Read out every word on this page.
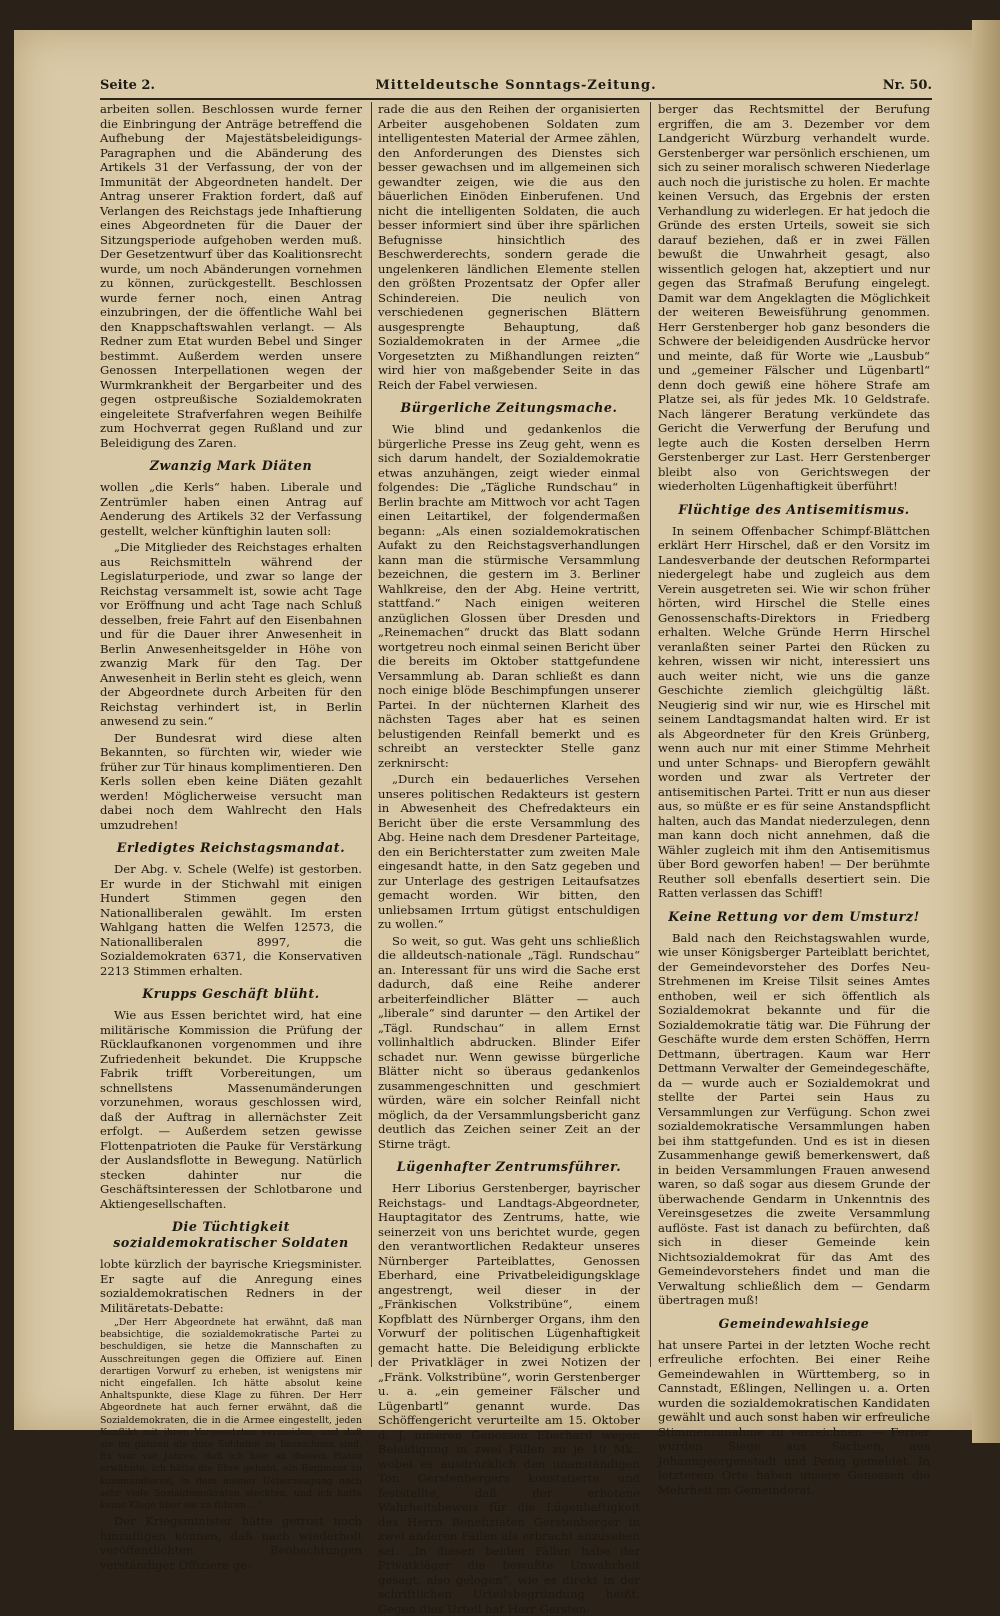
Seite 2.	Mitteldeutsche Sonntags-Zeitung.	Nr. 50.

arbeiten sollen. Beschlossen wurde ferner die Einbringung der Anträge betreffend die Aufhebung der Majestätsbeleidigungs-Paragraphen und die Abänderung des Artikels 31 der Verfassung, der von der Immunität der Abgeordneten handelt. Der Antrag unserer Fraktion fordert, daß auf Verlangen des Reichstags jede Inhaftierung eines Abgeordneten für die Dauer der Sitzungsperiode aufgehoben werden muß. Der Gesetzentwurf über das Koalitionsrecht wurde, um noch Abänderungen vornehmen zu können, zurückgestellt. Beschlossen wurde ferner noch, einen Antrag einzubringen, der die öffentliche Wahl bei den Knappschaftswahlen verlangt. — Als Redner zum Etat wurden Bebel und Singer bestimmt. Außerdem werden unsere Genossen Interpellationen wegen der Wurmkrankheit der Bergarbeiter und des gegen ostpreußische Sozialdemokraten eingeleitete Strafverfahren wegen Beihilfe zum Hochverrat gegen Rußland und zur Beleidigung des Zaren.

Zwanzig Mark Diäten

wollen „die Kerls“ haben. Liberale und Zentrümler haben einen Antrag auf Aenderung des Artikels 32 der Verfassung gestellt, welcher künftighin lauten soll:

„Die Mitglieder des Reichstages erhalten aus Reichsmitteln während der Legislaturperiode, und zwar so lange der Reichstag versammelt ist, sowie acht Tage vor Eröffnung und acht Tage nach Schluß desselben, freie Fahrt auf den Eisenbahnen und für die Dauer ihrer Anwesenheit in Berlin Anwesenheitsgelder in Höhe von zwanzig Mark für den Tag. Der Anwesenheit in Berlin steht es gleich, wenn der Abgeordnete durch Arbeiten für den Reichstag verhindert ist, in Berlin anwesend zu sein.“

Der Bundesrat wird diese alten Bekannten, so fürchten wir, wieder wie früher zur Tür hinaus komplimentieren. Den Kerls sollen eben keine Diäten gezahlt werden! Möglicherweise versucht man dabei noch dem Wahlrecht den Hals umzudrehen!

Erledigtes Reichstagsmandat.

Der Abg. v. Schele (Welfe) ist gestorben. Er wurde in der Stichwahl mit einigen Hundert Stimmen gegen den Nationalliberalen gewählt. Im ersten Wahlgang hatten die Welfen 12573, die Nationalliberalen 8997, die Sozialdemokraten 6371, die Konservativen 2213 Stimmen erhalten.

Krupps Geschäft blüht.

Wie aus Essen berichtet wird, hat eine militärische Kommission die Prüfung der Rücklaufkanonen vorgenommen und ihre Zufriedenheit bekundet. Die Kruppsche Fabrik trifft Vorbereitungen, um schnellstens Massenumänderungen vorzunehmen, woraus geschlossen wird, daß der Auftrag in allernächster Zeit erfolgt. — Außerdem setzen gewisse Flottenpatrioten die Pauke für Verstärkung der Auslandsflotte in Bewegung. Natürlich stecken dahinter nur die Geschäftsinteressen der Schlotbarone und Aktiengesellschaften.

Die Tüchtigkeit sozialdemokratischer Soldaten

lobte kürzlich der bayrische Kriegsminister. Er sagte auf die Anregung eines sozialdemokratischen Redners in der Militäretats-Debatte:

„Der Herr Abgeordnete hat erwähnt, daß man beabsichtige, die sozialdemokratische Partei zu beschuldigen, sie hetze die Mannschaften zu Ausschreitungen gegen die Offiziere auf. Einen derartigen Vorwurf zu erheben, ist wenigstens mir nicht eingefallen. Ich hätte absolut keine Anhaltspunkte, diese Klage zu führen. Der Herr Abgeordnete hat auch ferner erwähnt, daß die Sozialdemokraten, die in die Armee eingestellt, jeden Konflikt mit ihren Vorgesetzten vermeiden, und daß sie im ganzen als gute Soldaten zu bezeichnen sind. Es war vor Jahren, daß ich hier an diesem Platze erwähnte, ich hätte die Ehre gehabt, ein Regiment zu kommandieren, in dem meiner Ueberzeugung nach sehr viele Sozialdemokraten steckten, und ich hatte keine Klage über sie zu führen ...“

Der Kriegsminister hätte getrost noch hinzufügen können, daß nach wiederholt veröffentlichten Beobachtungen verständiger Offiziere ge-

rade die aus den Reihen der organisierten Arbeiter ausgehobenen Soldaten zum intelligentesten Material der Armee zählen, den Anforderungen des Dienstes sich besser gewachsen und im allgemeinen sich gewandter zeigen, wie die aus den bäuerlichen Einöden Einberufenen. Und nicht die intelligenten Soldaten, die auch besser informiert sind über ihre spärlichen Befugnisse hinsichtlich des Beschwerderechts, sondern gerade die ungelenkeren ländlichen Elemente stellen den größten Prozentsatz der Opfer aller Schindereien. Die neulich von verschiedenen gegnerischen Blättern ausgesprengte Behauptung, daß Sozialdemokraten in der Armee „die Vorgesetzten zu Mißhandlungen reizten“ wird hier von maßgebender Seite in das Reich der Fabel verwiesen.

Bürgerliche Zeitungsmache.

Wie blind und gedankenlos die bürgerliche Presse ins Zeug geht, wenn es sich darum handelt, der Sozialdemokratie etwas anzuhängen, zeigt wieder einmal folgendes: Die „Tägliche Rundschau“ in Berlin brachte am Mittwoch vor acht Tagen einen Leitartikel, der folgendermaßen begann: „Als einen sozialdemokratischen Aufakt zu den Reichstagsverhandlungen kann man die stürmische Versammlung bezeichnen, die gestern im 3. Berliner Wahlkreise, den der Abg. Heine vertritt, stattfand.“ Nach einigen weiteren anzüglichen Glossen über Dresden und „Reinemachen“ druckt das Blatt sodann wortgetreu noch einmal seinen Bericht über die bereits im Oktober stattgefundene Versammlung ab. Daran schließt es dann noch einige blöde Beschimpfungen unserer Partei. In der nüchternen Klarheit des nächsten Tages aber hat es seinen belustigenden Reinfall bemerkt und es schreibt an versteckter Stelle ganz zerknirscht:

„Durch ein bedauerliches Versehen unseres politischen Redakteurs ist gestern in Abwesenheit des Chefredakteurs ein Bericht über die erste Versammlung des Abg. Heine nach dem Dresdener Parteitage, den ein Berichterstatter zum zweiten Male eingesandt hatte, in den Satz gegeben und zur Unterlage des gestrigen Leitaufsatzes gemacht worden. Wir bitten, den unliebsamen Irrtum gütigst entschuldigen zu wollen.“

So weit, so gut. Was geht uns schließlich die alldeutsch-nationale „Tägl. Rundschau“ an. Interessant für uns wird die Sache erst dadurch, daß eine Reihe anderer arbeiterfeindlicher Blätter — auch „liberale“ sind darunter — den Artikel der „Tägl. Rundschau“ in allem Ernst vollinhaltlich abdrucken. Blinder Eifer schadet nur. Wenn gewisse bürgerliche Blätter nicht so überaus gedankenlos zusammengeschnitten und geschmiert würden, wäre ein solcher Reinfall nicht möglich, da der Versammlungsbericht ganz deutlich das Zeichen seiner Zeit an der Stirne trägt.

Lügenhafter Zentrumsführer.

Herr Liborius Gerstenberger, bayrischer Reichstags- und Landtags-Abgeordneter, Hauptagitator des Zentrums, hatte, wie seinerzeit von uns berichtet wurde, gegen den verantwortlichen Redakteur unseres Nürnberger Parteiblattes, Genossen Eberhard, eine Privatbeleidigungsklage angestrengt, weil dieser in der „Fränkischen Volkstribüne“, einem Kopfblatt des Nürnberger Organs, ihm den Vorwurf der politischen Lügenhaftigkeit gemacht hatte. Die Beleidigung erblickte der Privatkläger in zwei Notizen der „Fränk. Volkstribüne“, worin Gerstenberger u. a. „ein gemeiner Fälscher und Lügenbartl“ genannt wurde. Das Schöffengericht verurteilte am 15. Oktober d. J. unseren Genossen Eberhard wegen Beleidigung in zwei Fällen zu je 10 Mk., wobei es ausdrücklich den unanständigen Ton Gerstenbergers konstatierte und feststellte, daß der erbotene Wahrheitsbeweis für die Lügenhaftigkeit des Herrn Benefiziaten Gerstenberger in zwei anderen Fällen als erbracht anzusehen sei. „In diesen beiden Fällen habe der Privatkläger die bewußte Unwahrheit gesagt, also gelogen“, wie es direkt in der schriftlichen Urteilsbegründung heißt. Gegen dies Urteil hat Herr Gersten-

berger das Rechtsmittel der Berufung ergriffen, die am 3. Dezember vor dem Landgericht Würzburg verhandelt wurde. Gerstenberger war persönlich erschienen, um sich zu seiner moralisch schweren Niederlage auch noch die juristische zu holen. Er machte keinen Versuch, das Ergebnis der ersten Verhandlung zu widerlegen. Er hat jedoch die Gründe des ersten Urteils, soweit sie sich darauf beziehen, daß er in zwei Fällen bewußt die Unwahrheit gesagt, also wissentlich gelogen hat, akzeptiert und nur gegen das Strafmaß Berufung eingelegt. Damit war dem Angeklagten die Möglichkeit der weiteren Beweisführung genommen. Herr Gerstenberger hob ganz besonders die Schwere der beleidigenden Ausdrücke hervor und meinte, daß für Worte wie „Lausbub“ und „gemeiner Fälscher und Lügenbartl“ denn doch gewiß eine höhere Strafe am Platze sei, als für jedes Mk. 10 Geldstrafe. Nach längerer Beratung verkündete das Gericht die Verwerfung der Berufung und legte auch die Kosten derselben Herrn Gerstenberger zur Last. Herr Gerstenberger bleibt also von Gerichtswegen der wiederholten Lügenhaftigkeit überführt!

Flüchtige des Antisemitismus.

In seinem Offenbacher Schimpf-Blättchen erklärt Herr Hirschel, daß er den Vorsitz im Landesverbande der deutschen Reformpartei niedergelegt habe und zugleich aus dem Verein ausgetreten sei. Wie wir schon früher hörten, wird Hirschel die Stelle eines Genossenschafts-Direktors in Friedberg erhalten. Welche Gründe Herrn Hirschel veranlaßten seiner Partei den Rücken zu kehren, wissen wir nicht, interessiert uns auch weiter nicht, wie uns die ganze Geschichte ziemlich gleichgültig läßt. Neugierig sind wir nur, wie es Hirschel mit seinem Landtagsmandat halten wird. Er ist als Abgeordneter für den Kreis Grünberg, wenn auch nur mit einer Stimme Mehrheit und unter Schnaps- und Bieropfern gewählt worden und zwar als Vertreter der antisemitischen Partei. Tritt er nun aus dieser aus, so müßte er es für seine Anstandspflicht halten, auch das Mandat niederzulegen, denn man kann doch nicht annehmen, daß die Wähler zugleich mit ihm den Antisemitismus über Bord geworfen haben! — Der berühmte Reuther soll ebenfalls desertiert sein. Die Ratten verlassen das Schiff!

Keine Rettung vor dem Umsturz!

Bald nach den Reichstagswahlen wurde, wie unser Königsberger Parteiblatt berichtet, der Gemeindevorsteher des Dorfes Neu-Strehmenen im Kreise Tilsit seines Amtes enthoben, weil er sich öffentlich als Sozialdemokrat bekannte und für die Sozialdemokratie tätig war. Die Führung der Geschäfte wurde dem ersten Schöffen, Herrn Dettmann, übertragen. Kaum war Herr Dettmann Verwalter der Gemeindegeschäfte, da — wurde auch er Sozialdemokrat und stellte der Partei sein Haus zu Versammlungen zur Verfügung. Schon zwei sozialdemokratische Versammlungen haben bei ihm stattgefunden. Und es ist in diesen Zusammenhange gewiß bemerkenswert, daß in beiden Versammlungen Frauen anwesend waren, so daß sogar aus diesem Grunde der überwachende Gendarm in Unkenntnis des Vereinsgesetzes die zweite Versammlung auflöste. Fast ist danach zu befürchten, daß sich in dieser Gemeinde kein Nichtsozialdemokrat für das Amt des Gemeindevorstehers findet und man die Verwaltung schließlich dem — Gendarm übertragen muß!

Gemeindewahlsiege

hat unsere Partei in der letzten Woche recht erfreuliche erfochten. Bei einer Reihe Gemeindewahlen in Württemberg, so in Cannstadt, Eßlingen, Nellingen u. a. Orten wurden die sozialdemokratischen Kandidaten gewählt und auch sonst haben wir erfreuliche Stimmenzunahme zu verzeichnen. — Ferner wurden Siege aus Sachsen, aus Johanngeorgenstadt und Penig gemeldet. In letzterem Orte haben unsere Genossen die Mehrheit im Gemeinderat.
